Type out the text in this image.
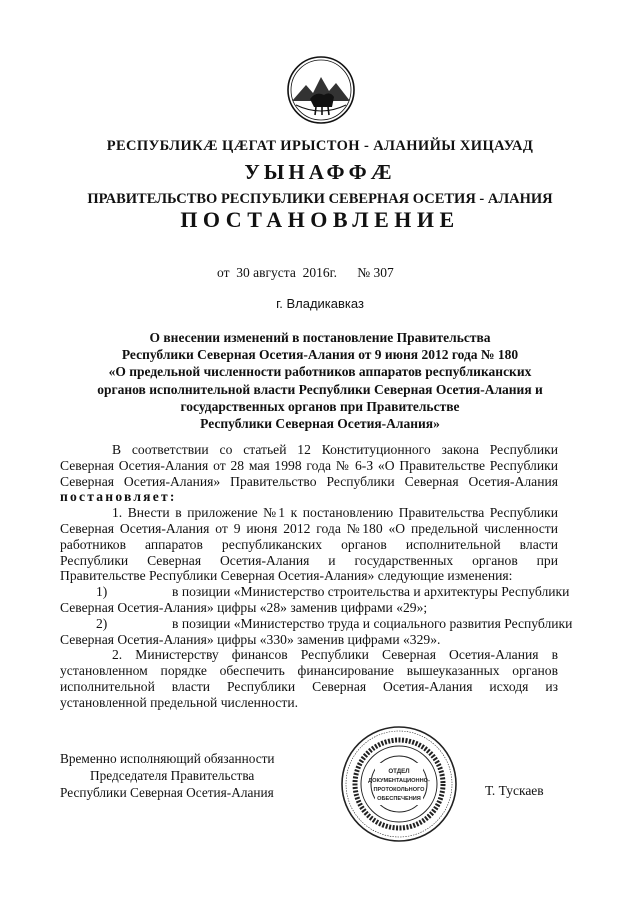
РЕСПУБЛИКӔ ЦӔГАТ ИРЫСТОН - АЛАНИЙЫ ХИЦАУАД
УЫНАФФӔ
ПРАВИТЕЛЬСТВО РЕСПУБЛИКИ СЕВЕРНАЯ ОСЕТИЯ - АЛАНИЯ
ПОСТАНОВЛЕНИЕ
от 30 августа 2016г. № 307
г. Владикавказ
О внесении изменений в постановление Правительства
Республики Северная Осетия-Алания от 9 июня 2012 года № 180
«О предельной численности работников аппаратов республиканских
органов исполнительной власти Республики Северная Осетия-Алания и
государственных органов при Правительстве
Республики Северная Осетия-Алания»
В соответствии со статьей 12 Конституционного закона Республики
Северная Осетия-Алания от 28 мая 1998 года № 6-З «О Правительстве Республики
Северная Осетия-Алания» Правительство Республики Северная Осетия-Алания
постановляет:
1. Внести в приложение №1 к постановлению Правительства Республики
Северная Осетия-Алания от 9 июня 2012 года №180 «О предельной численности
работников аппаратов республиканских органов исполнительной власти
Республики Северная Осетия-Алания и государственных органов при
Правительстве Республики Северная Осетия-Алания» следующие изменения:
1)	в позиции «Министерство строительства и архитектуры Республики
Северная Осетия-Алания» цифры «28» заменив цифрами «29»;
2)	в позиции «Министерство труда и социального развития Республики
Северная Осетия-Алания» цифры «330» заменив цифрами «329».
2. Министерству финансов Республики Северная Осетия-Алания в
установленном порядке обеспечить финансирование вышеуказанных органов
исполнительной власти Республики Северная Осетия-Алания исходя из
установленной предельной численности.
Временно исполняющий обязанности
Председателя Правительства
Республики Северная Осетия-Алания
ОТДЕЛ
ДОКУМЕНТАЦИОННО-
ПРОТОКОЛЬНОГО
ОБЕСПЕЧЕНИЯ
Т. Тускаев
